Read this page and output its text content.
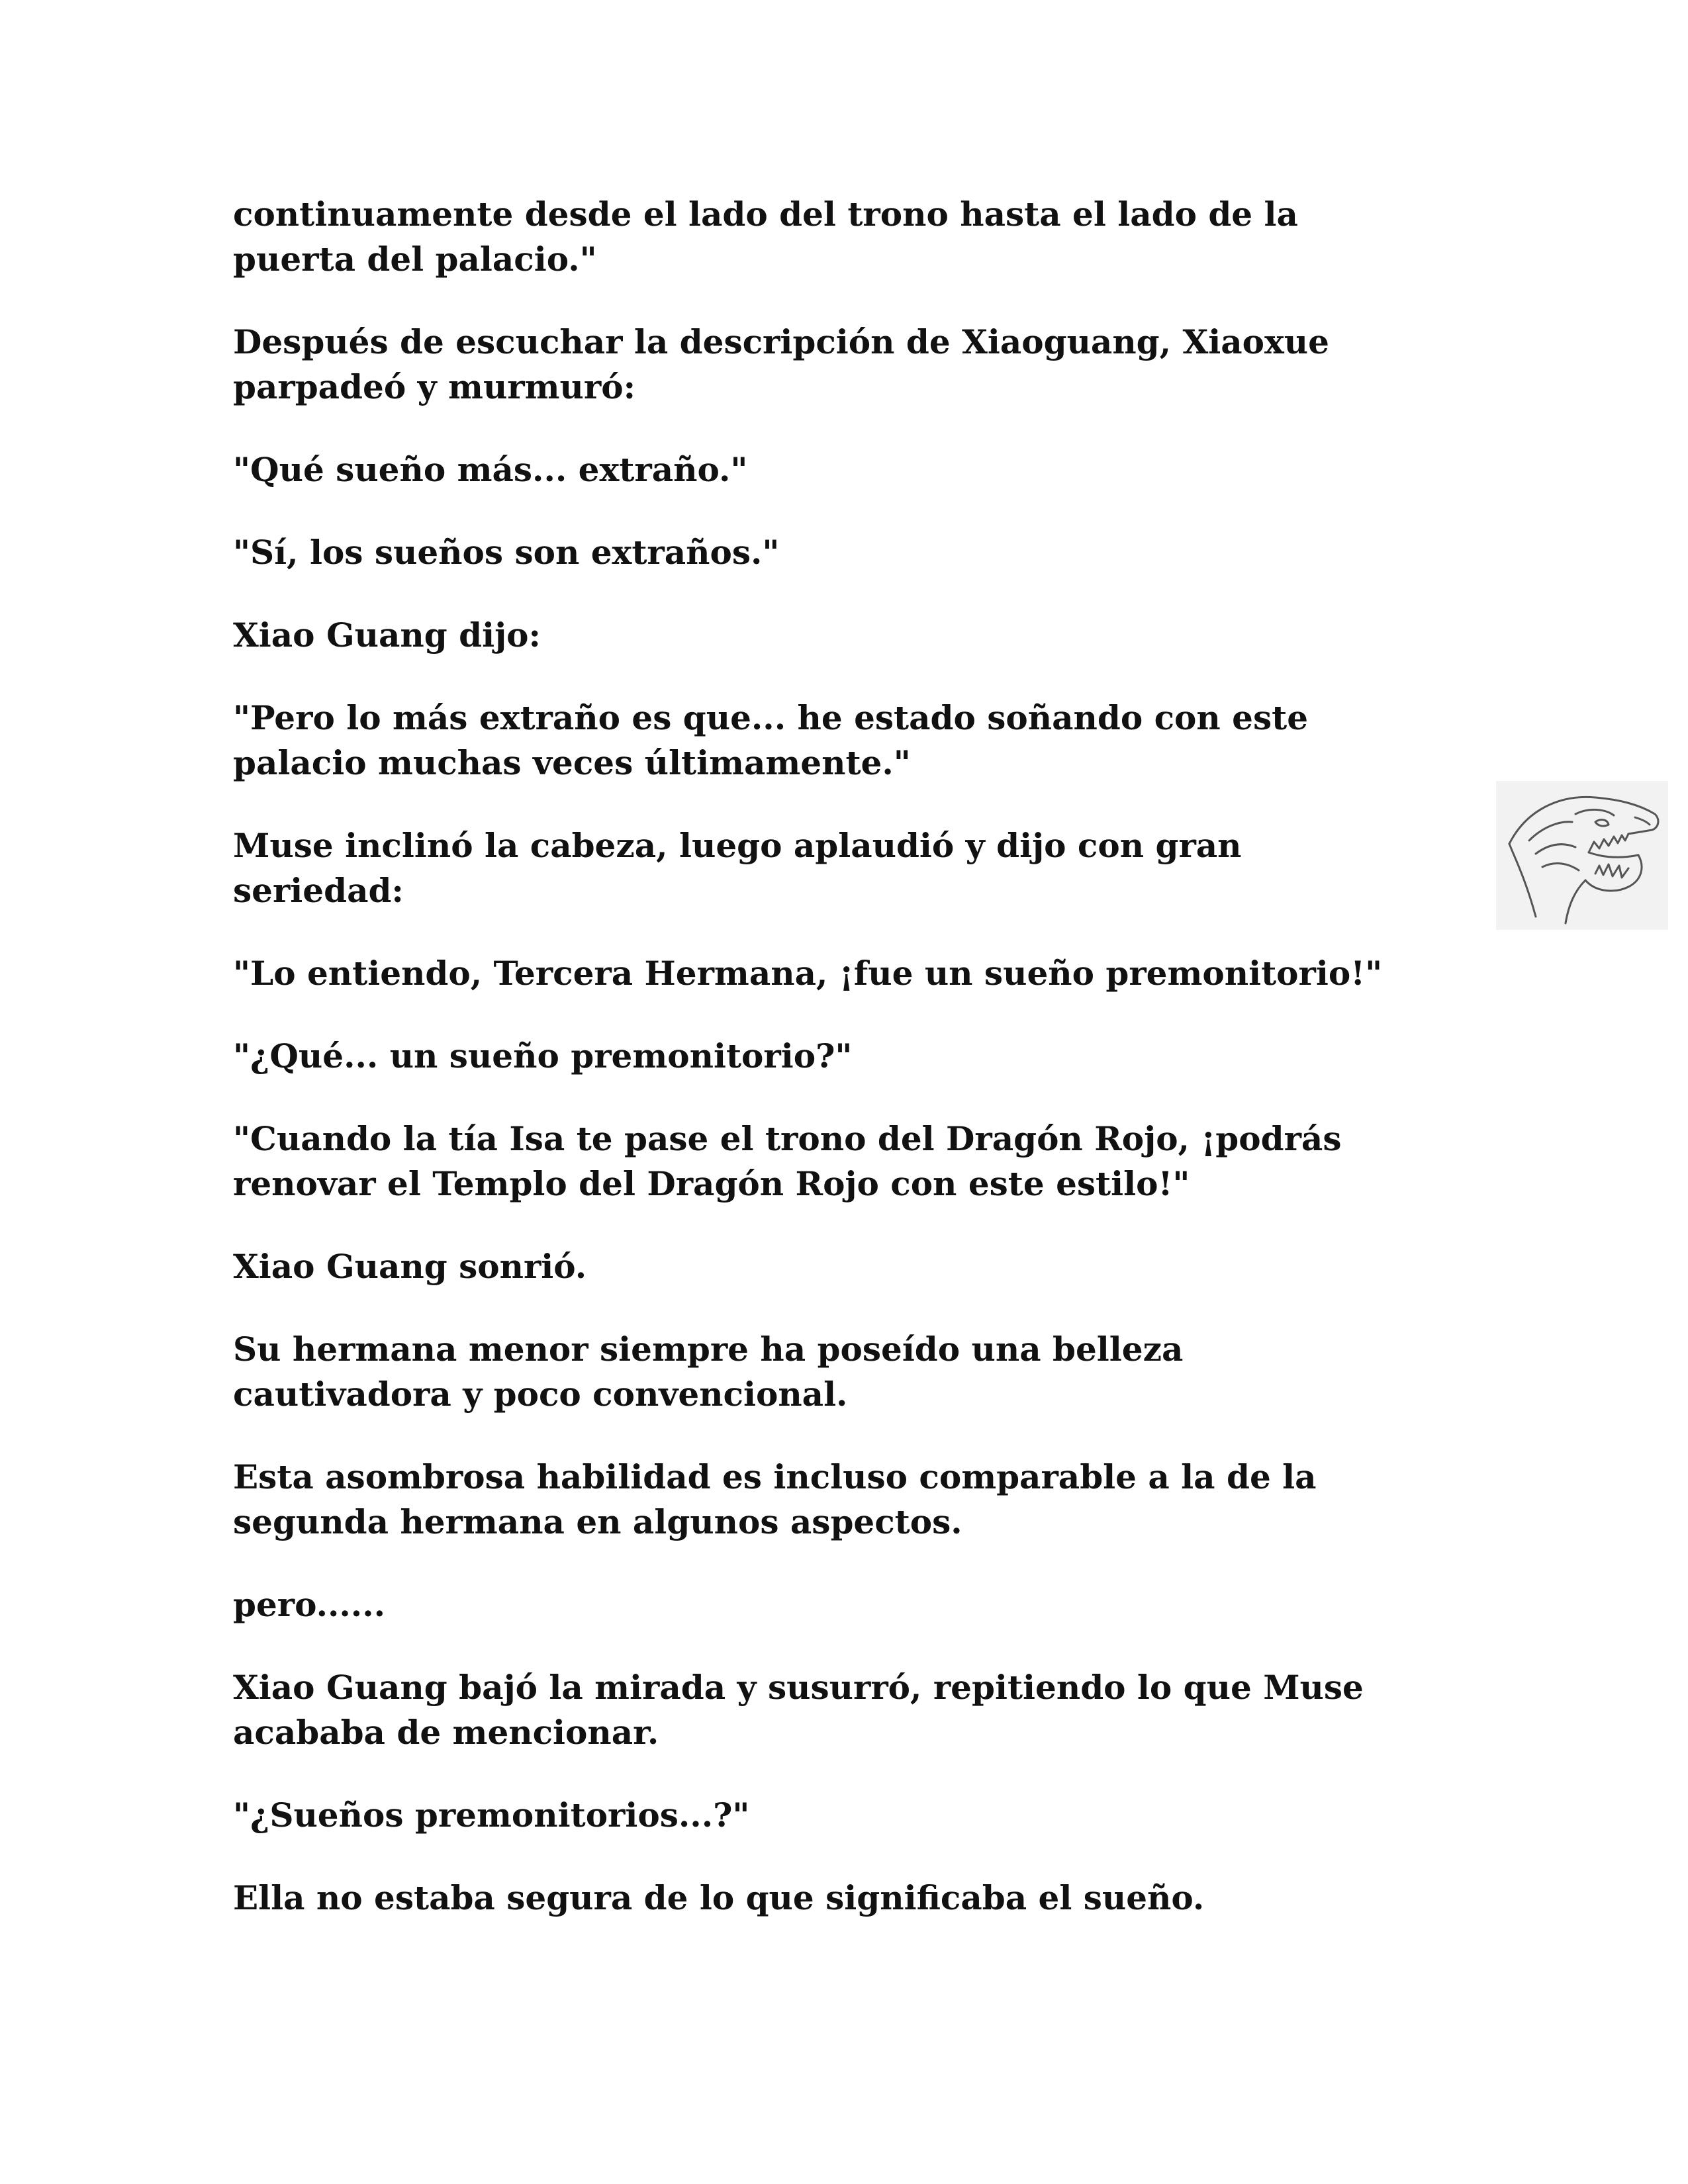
continuamente desde el lado del trono hasta el lado de la
puerta del palacio."

Después de escuchar la descripción de Xiaoguang, Xiaoxue
parpadeó y murmuró:

"Qué sueño más... extraño."

"Sí, los sueños son extraños."

Xiao Guang dijo:

"Pero lo más extraño es que... he estado soñando con este
palacio muchas veces últimamente."

Muse inclinó la cabeza, luego aplaudió y dijo con gran
seriedad:

"Lo entiendo, Tercera Hermana, ¡fue un sueño premonitorio!"

"¿Qué... un sueño premonitorio?"

"Cuando la tía Isa te pase el trono del Dragón Rojo, ¡podrás
renovar el Templo del Dragón Rojo con este estilo!"

Xiao Guang sonrió.

Su hermana menor siempre ha poseído una belleza
cautivadora y poco convencional.

Esta asombrosa habilidad es incluso comparable a la de la
segunda hermana en algunos aspectos.

pero......

Xiao Guang bajó la mirada y susurró, repitiendo lo que Muse
acababa de mencionar.

"¿Sueños premonitorios...?"

Ella no estaba segura de lo que significaba el sueño.
